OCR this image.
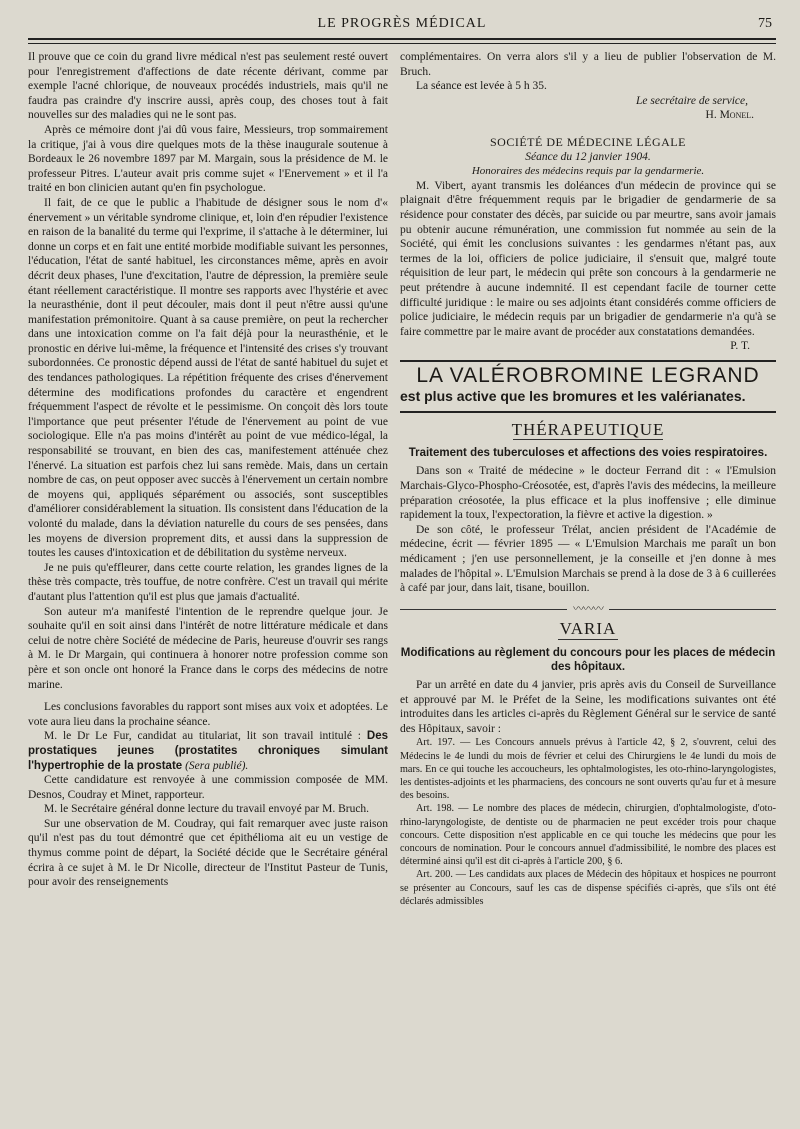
LE PROGRÈS MÉDICAL	75

Il prouve que ce coin du grand livre médical n'est pas seulement resté ouvert pour l'enregistrement d'affections de date récente dérivant, comme par exemple l'acné chlorique, de nouveaux procédés industriels, mais qu'il ne faudra pas craindre d'y inscrire aussi, après coup, des choses tout à fait nouvelles sur des maladies qui ne le sont pas.

Après ce mémoire dont j'ai dû vous faire, Messieurs, trop sommairement la critique, j'ai à vous dire quelques mots de la thèse inaugurale soutenue à Bordeaux le 26 novembre 1897 par M. Margain, sous la présidence de M. le professeur Pitres. L'auteur avait pris comme sujet « l'Enervement » et il l'a traité en bon clinicien autant qu'en fin psychologue.

Il fait, de ce que le public a l'habitude de désigner sous le nom d'« énervement » un véritable syndrome clinique, et, loin d'en répudier l'existence en raison de la banalité du terme qui l'exprime, il s'attache à le déterminer, lui donne un corps et en fait une entité morbide modifiable suivant les personnes, l'éducation, l'état de santé habituel, les circonstances même, après en avoir décrit deux phases, l'une d'excitation, l'autre de dépression, la première seule étant réellement caractéristique. Il montre ses rapports avec l'hystérie et avec la neurasthénie, dont il peut découler, mais dont il peut n'être aussi qu'une manifestation prémonitoire. Quant à sa cause première, on peut la rechercher dans une intoxication comme on l'a fait déjà pour la neurasthénie, et le pronostic en dérive lui-même, la fréquence et l'intensité des crises s'y trouvant subordonnées. Ce pronostic dépend aussi de l'état de santé habituel du sujet et des tendances pathologiques. La répétition fréquente des crises d'énervement détermine des modifications profondes du caractère et engendrent fréquemment l'aspect de révolte et le pessimisme. On conçoit dès lors toute l'importance que peut présenter l'étude de l'énervement au point de vue sociologique. Elle n'a pas moins d'intérêt au point de vue médico-légal, la responsabilité se trouvant, en bien des cas, manifestement atténuée chez l'énervé. La situation est parfois chez lui sans remède. Mais, dans un certain nombre de cas, on peut opposer avec succès à l'énervement un certain nombre de moyens qui, appliqués séparément ou associés, sont susceptibles d'améliorer considérablement la situation. Ils consistent dans l'éducation de la volonté du malade, dans la déviation naturelle du cours de ses pensées, dans les moyens de diversion proprement dits, et aussi dans la suppression de toutes les causes d'intoxication et de débilitation du système nerveux.

Je ne puis qu'effleurer, dans cette courte relation, les grandes lignes de la thèse très compacte, très touffue, de notre confrère. C'est un travail qui mérite d'autant plus l'attention qu'il est plus que jamais d'actualité.

Son auteur m'a manifesté l'intention de le reprendre quelque jour. Je souhaite qu'il en soit ainsi dans l'intérêt de notre littérature médicale et dans celui de notre chère Société de médecine de Paris, heureuse d'ouvrir ses rangs à M. le Dr Margain, qui continuera à honorer notre profession comme son père et son oncle ont honoré la France dans le corps des médecins de notre marine.

Les conclusions favorables du rapport sont mises aux voix et adoptées. Le vote aura lieu dans la prochaine séance.

M. le Dr Le Fur, candidat au titulariat, lit son travail intitulé : Des prostatiques jeunes (prostatites chroniques simulant l'hypertrophie de la prostate (Sera publié).

Cette candidature est renvoyée à une commission composée de MM. Desnos, Coudray et Minet, rapporteur.

M. le Secrétaire général donne lecture du travail envoyé par M. Bruch.

Sur une observation de M. Coudray, qui fait remarquer avec juste raison qu'il n'est pas du tout démontré que cet épithélioma ait eu un vestige de thymus comme point de départ, la Société décide que le Secrétaire général écrira à ce sujet à M. le Dr Nicolle, directeur de l'Institut Pasteur de Tunis, pour avoir des renseignements

complémentaires. On verra alors s'il y a lieu de publier l'observation de M. Bruch.

La séance est levée à 5 h 35.

Le secrétaire de service,
H. Monel.
SOCIÉTÉ DE MÉDECINE LÉGALE
Séance du 12 janvier 1904.
Honoraires des médecins requis par la gendarmerie.

M. Vibert, ayant transmis les doléances d'un médecin de province qui se plaignait d'être fréquemment requis par le brigadier de gendarmerie de sa résidence pour constater des décès, par suicide ou par meurtre, sans avoir jamais pu obtenir aucune rémunération, une commission fut nommée au sein de la Société, qui émit les conclusions suivantes : les gendarmes n'étant pas, aux termes de la loi, officiers de police judiciaire, il s'ensuit que, malgré toute réquisition de leur part, le médecin qui prête son concours à la gendarmerie ne peut prétendre à aucune indemnité. Il est cependant facile de tourner cette difficulté juridique : le maire ou ses adjoints étant considérés comme officiers de police judiciaire, le médecin requis par un brigadier de gendarmerie n'a qu'à se faire commettre par le maire avant de procéder aux constatations demandées.

P. T.
LA VALÉROBROMINE LEGRAND
est plus active que les bromures et les valérianates.
THÉRAPEUTIQUE
Traitement des tuberculoses et affections des voies respiratoires.

Dans son « Traité de médecine » le docteur Ferrand dit : « l'Emulsion Marchais-Glyco-Phospho-Créosotée, est, d'après l'avis des médecins, la meilleure préparation créosotée, la plus efficace et la plus inoffensive ; elle diminue rapidement la toux, l'expectoration, la fièvre et active la digestion. »

De son côté, le professeur Trélat, ancien président de l'Académie de médecine, écrit — février 1895 — « L'Emulsion Marchais me paraît un bon médicament ; j'en use personnellement, je la conseille et j'en donne à mes malades de l'hôpital ». L'Emulsion Marchais se prend à la dose de 3 à 6 cuillerées à café par jour, dans lait, tisane, bouillon.

〰〰〰
VARIA
Modifications au règlement du concours pour les places de médecin des hôpitaux.

Par un arrêté en date du 4 janvier, pris après avis du Conseil de Surveillance et approuvé par M. le Préfet de la Seine, les modifications suivantes ont été introduites dans les articles ci-après du Règlement Général sur le service de santé des Hôpitaux, savoir :

Art. 197. — Les Concours annuels prévus à l'article 42, § 2, s'ouvrent, celui des Médecins le 4e lundi du mois de février et celui des Chirurgiens le 4e lundi du mois de mars. En ce qui touche les accoucheurs, les ophtalmologistes, les oto-rhino-laryngologistes, les dentistes-adjoints et les pharmaciens, des concours ne sont ouverts qu'au fur et à mesure des besoins.

Art. 198. — Le nombre des places de médecin, chirurgien, d'ophtalmologiste, d'oto-rhino-laryngologiste, de dentiste ou de pharmacien ne peut excéder trois pour chaque concours. Cette disposition n'est applicable en ce qui touche les médecins que pour les concours de nomination. Pour le concours annuel d'admissibilité, le nombre des places est déterminé ainsi qu'il est dit ci-après à l'article 200, § 6.

Art. 200. — Les candidats aux places de Médecin des hôpitaux et hospices ne pourront se présenter au Concours, sauf les cas de dispense spécifiés ci-après, que s'ils ont été déclarés admissibles
